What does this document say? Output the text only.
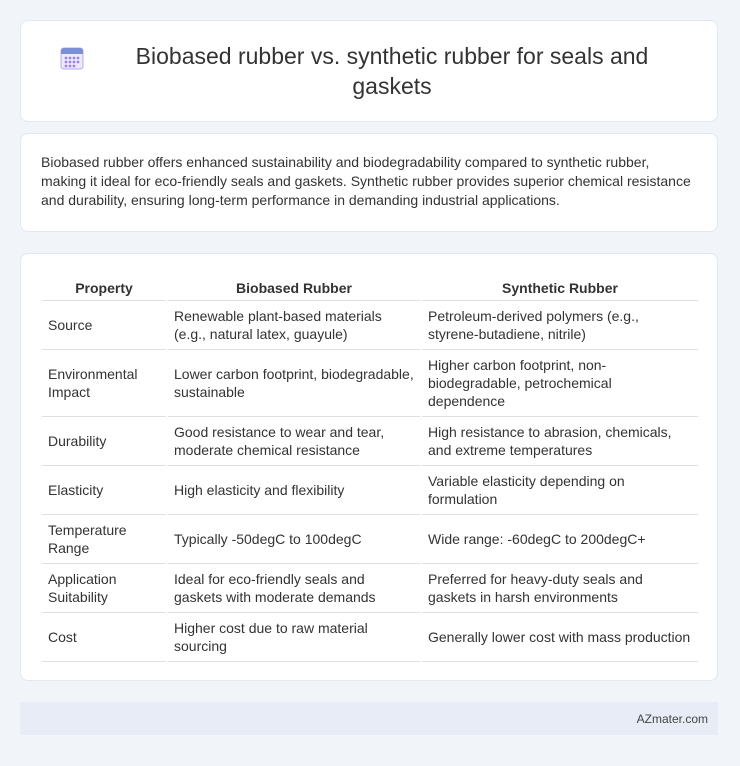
Biobased rubber vs. synthetic rubber for seals and gaskets

Biobased rubber offers enhanced sustainability and biodegradability compared to synthetic rubber, making it ideal for eco-friendly seals and gaskets. Synthetic rubber provides superior chemical resistance and durability, ensuring long-term performance in demanding industrial applications.

Property	Biobased Rubber	Synthetic Rubber
Source	Renewable plant-based materials (e.g., natural latex, guayule)	Petroleum-derived polymers (e.g., styrene-butadiene, nitrile)
Environmental Impact	Lower carbon footprint, biodegradable, sustainable	Higher carbon footprint, non-biodegradable, petrochemical dependence
Durability	Good resistance to wear and tear, moderate chemical resistance	High resistance to abrasion, chemicals, and extreme temperatures
Elasticity	High elasticity and flexibility	Variable elasticity depending on formulation
Temperature Range	Typically -50degC to 100degC	Wide range: -60degC to 200degC+
Application Suitability	Ideal for eco-friendly seals and gaskets with moderate demands	Preferred for heavy-duty seals and gaskets in harsh environments
Cost	Higher cost due to raw material sourcing	Generally lower cost with mass production
AZmater.com
